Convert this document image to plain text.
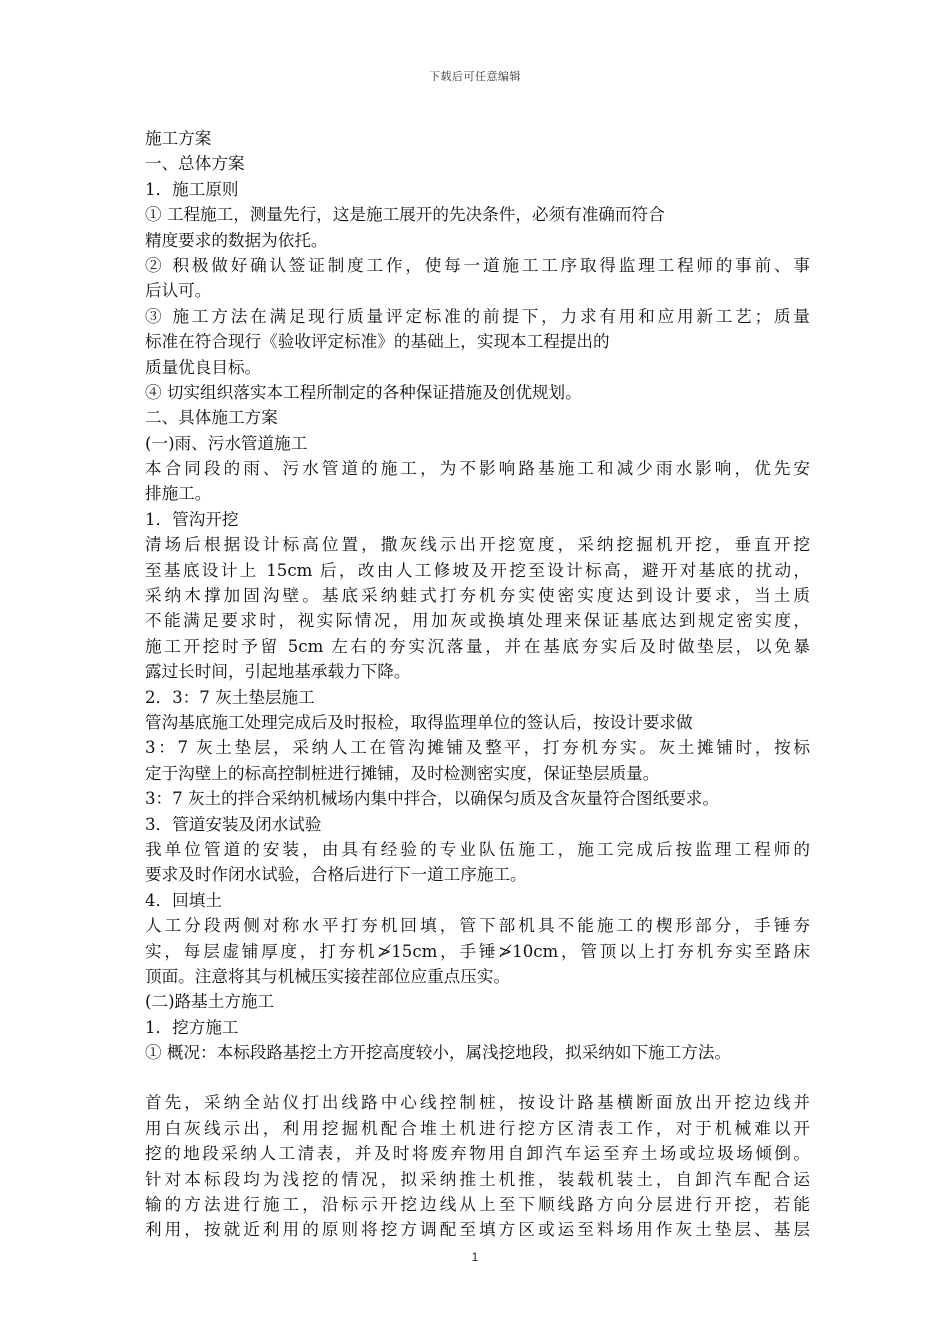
下载后可任意编辑
施工方案
一、总体方案
1．施工原则
① 工程施工，测量先行，这是施工展开的先决条件，必须有准确而符合
精度要求的数据为依托。
② 积极做好确认签证制度工作，使每一道施工工序取得监理工程师的事前、事
后认可。
③ 施工方法在满足现行质量评定标准的前提下，力求有用和应用新工艺；质量
标准在符合现行《验收评定标准》的基础上，实现本工程提出的
质量优良目标。
④ 切实组织落实本工程所制定的各种保证措施及创优规划。
二、具体施工方案
(一)雨、污水管道施工
本合同段的雨、污水管道的施工，为不影响路基施工和减少雨水影响，优先安
排施工。
1．管沟开挖
清场后根据设计标高位置，撒灰线示出开挖宽度，采纳挖掘机开挖，垂直开挖
至基底设计上 15cm 后，改由人工修坡及开挖至设计标高，避开对基底的扰动，
采纳木撑加固沟壁。基底采纳蛙式打夯机夯实使密实度达到设计要求，当土质
不能满足要求时，视实际情况，用加灰或换填处理来保证基底达到规定密实度，
施工开挖时予留 5cm 左右的夯实沉落量，并在基底夯实后及时做垫层，以免暴
露过长时间，引起地基承载力下降。
2．3：7 灰土垫层施工
管沟基底施工处理完成后及时报检，取得监理单位的签认后，按设计要求做
3：7 灰土垫层，采纳人工在管沟摊铺及整平，打夯机夯实。灰土摊铺时，按标
定于沟壁上的标高控制桩进行摊铺，及时检测密实度，保证垫层质量。
3：7 灰土的拌合采纳机械场内集中拌合，以确保匀质及含灰量符合图纸要求。
3．管道安装及闭水试验
我单位管道的安装，由具有经验的专业队伍施工，施工完成后按监理工程师的
要求及时作闭水试验，合格后进行下一道工序施工。
4．回填土
人工分段两侧对称水平打夯机回填，管下部机具不能施工的楔形部分，手锤夯
实，每层虚铺厚度，打夯机≯15cm，手锤≯10cm，管顶以上打夯机夯实至路床
顶面。注意将其与机械压实接茬部位应重点压实。
(二)路基土方施工
1．挖方施工
① 概况：本标段路基挖土方开挖高度较小，属浅挖地段，拟采纳如下施工方法。
首先，采纳全站仪打出线路中心线控制桩，按设计路基横断面放出开挖边线并
用白灰线示出，利用挖掘机配合堆土机进行挖方区清表工作，对于机械难以开
挖的地段采纳人工清表，并及时将废弃物用自卸汽车运至弃土场或垃圾场倾倒。
针对本标段均为浅挖的情况，拟采纳推土机推，装载机装土，自卸汽车配合运
输的方法进行施工，沿标示开挖边线从上至下顺线路方向分层进行开挖，若能
利用，按就近利用的原则将挖方调配至填方区或运至料场用作灰土垫层、基层
1
